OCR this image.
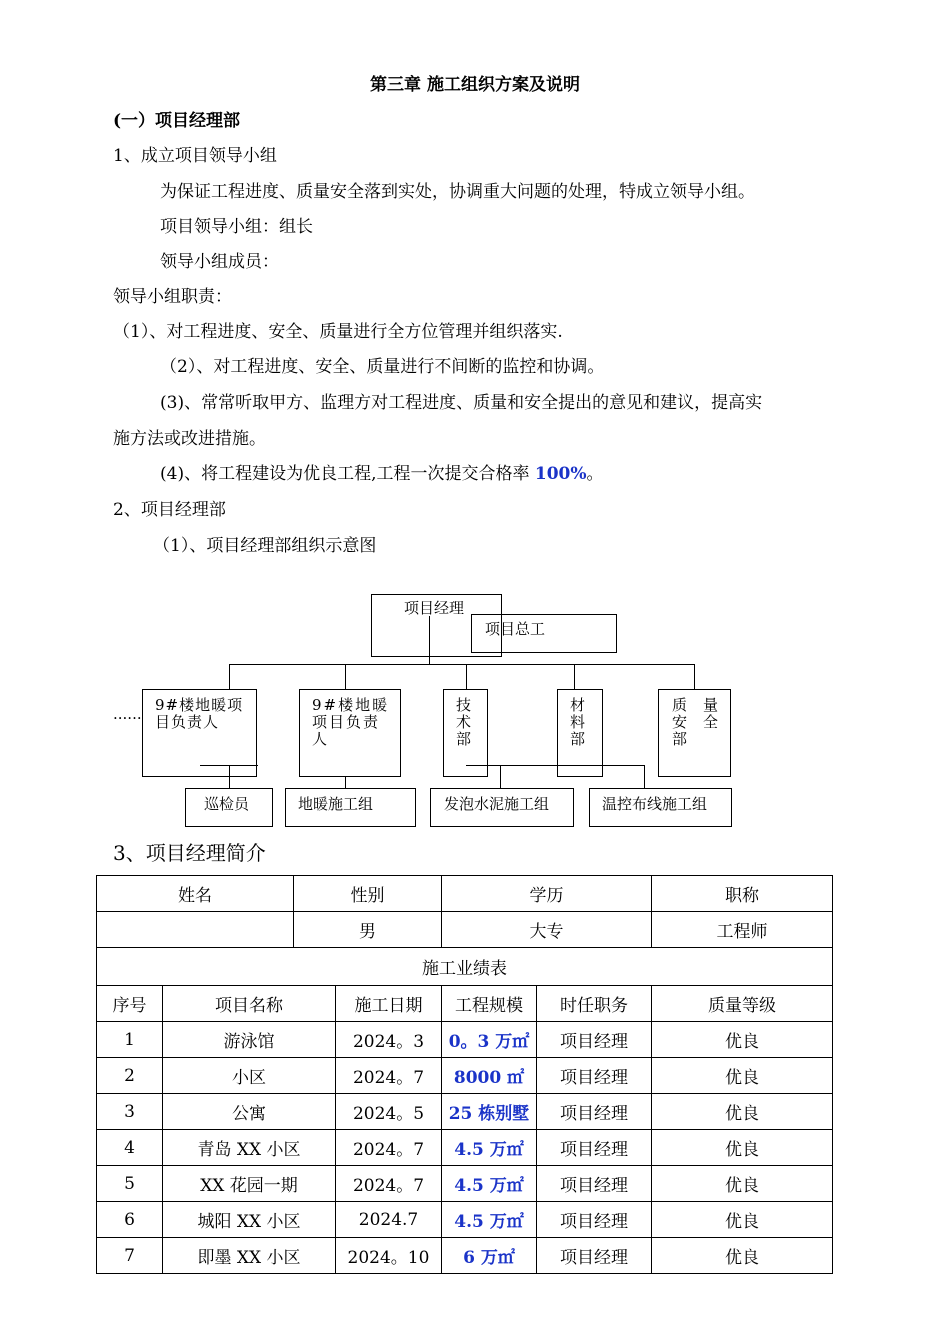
第三章 施工组织方案及说明
(一）项目经理部
1、成立项目领导小组
为保证工程进度、质量安全落到实处，协调重大问题的处理，特成立领导小组。
项目领导小组：组长
领导小组成员：
领导小组职责：
（1）、对工程进度、安全、质量进行全方位管理并组织落实.
（2）、对工程进度、安全、质量进行不间断的监控和协调。
(3)、常常听取甲方、监理方对工程进度、质量和安全提出的意见和建议，提高实
施方法或改进措施。
(4)、将工程建设为优良工程,工程一次提交合格率 100%。
2、项目经理部
（1）、项目经理部组织示意图
项目经理
项目总工
...... 9#楼地暖项目负责人
9#楼地暖项目负责人
技术部
材料部
质 量
安 全
部
巡检员	地暖施工组	发泡水泥施工组	温控布线施工组
3、项目经理简介
姓名		性别		学历		职称
		男		大专		工程师
施工业绩表						
序号	项目名称		施工日期	工程规模	时任职务	质量等级
1	游泳馆		2024。3	0。3 万㎡	项目经理	优良
2	小区		2024。7	8000 ㎡	项目经理	优良
3	公寓		2024。5	25 栋别墅	项目经理	优良
4	青岛 XX 小区		2024。7	4.5 万㎡	项目经理	优良
5	XX 花园一期		2024。7	4.5 万㎡	项目经理	优良
6	城阳 XX 小区		2024.7	4.5 万㎡	项目经理	优良
7	即墨 XX 小区		2024。10	6 万㎡	项目经理	优良
